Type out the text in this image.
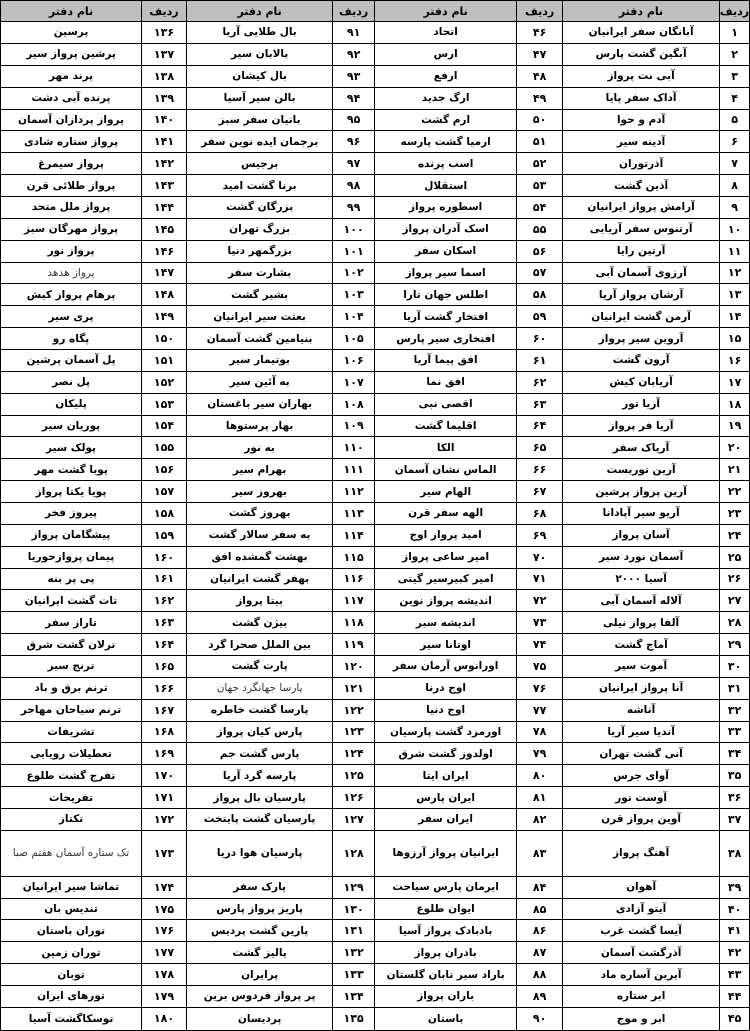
ردیف
نام دفتر
۱
آبانگان سفر ایرانیان
۲
آبگین گشت پارس
۳
آبی نت پرواز
۴
آداک سفر پایا
۵
آدم و حوا
۶
آدینه سیر
۷
آذرتوران
۸
آذین گشت
۹
آرامش پرواز ایرانیان
۱۰
آرتنوس سفر آریایی
۱۱
آرتین رایا
۱۲
آرزوی آسمان آبی
۱۳
آرشان پرواز آریا
۱۴
آرمن گشت ایرانیان
۱۵
آروین سیر پرواز
۱۶
آرون گشت
۱۷
آریابان کیش
۱۸
آریا تور
۱۹
آریا فر پرواز
۲۰
آریاک سفر
۲۱
آرین توریست
۲۲
آرین پرواز پرشین
۲۳
آریو سیر آپادانا
۲۴
آسان پرواز
۲۵
آسمان نورد سیر
۲۶
آسیا ۲۰۰۰
۲۷
آلاله آسمان آبی
۲۸
آلفا پرواز نیلی
۲۹
آماج گشت
۳۰
آموت سیر
۳۱
آنا پرواز ایرانیان
۳۲
آناشه
۳۳
آندیا سیر آریا
۳۴
آنی گشت تهران
۳۵
آوای جرس
۳۶
آوست تور
۳۷
آوین پرواز قرن
۳۸
آهنگ پرواز
۳۹
آهوان
۴۰
آیتو آزادی
۴۱
آیسا گشت غرب
۴۲
آذرگشت آسمان
۴۳
آیرین آساره ماد
۴۴
ابر ستاره
۴۵
ابر و موج
ردیف
نام دفتر
۴۶
اتحاد
۴۷
ارس
۴۸
ارفع
۴۹
ارگ جدید
۵۰
ارم گشت
۵۱
ارمیا گشت پارسه
۵۲
اسب پرنده
۵۳
استقلال
۵۴
اسطوره پرواز
۵۵
اسک آدران پرواز
۵۶
اسکان سفر
۵۷
اسما سیر پرواز
۵۸
اطلس جهان تارا
۵۹
افتخار گشت آریا
۶۰
افتخاری سیر پارس
۶۱
افق پیما آریا
۶۲
افق نما
۶۳
اقصی نبی
۶۴
اقلیما گشت
۶۵
الکا
۶۶
الماس نشان آسمان
۶۷
الهام سیر
۶۸
الهه سفر قرن
۶۹
امید پرواز اوج
۷۰
امیر ساعی پرواز
۷۱
امیر کبیرسیر گیتی
۷۲
اندیشه پرواز نوین
۷۳
اندیشه سیر
۷۴
اوتانا سیر
۷۵
اورانوس آرمان سفر
۷۶
اوج درنا
۷۷
اوج دنیا
۷۸
اورمزد گشت پارسیان
۷۹
اولدوز گشت شرق
۸۰
ایران ایتا
۸۱
ایران پارس
۸۲
ایران سفر
۸۳
ایرانیان پرواز آرزوها
۸۴
ایرمان پارس سیاحت
۸۵
ایوان طلوع
۸۶
بادبادک پرواز آسیا
۸۷
بادران پرواز
۸۸
باراد سیر تابان گلستان
۸۹
باران پرواز
۹۰
باستان
ردیف
نام دفتر
۹۱
بال طلایی آریا
۹۲
بالابان سیر
۹۳
بال کیشان
۹۴
بالن سیر آسیا
۹۵
بانیان سفر سبز
۹۶
برجمان ایده نوین سفر
۹۷
برجیس
۹۸
برنا گشت امید
۹۹
بزرگان گشت
۱۰۰
بزرگ تهران
۱۰۱
بزرگمهر دنیا
۱۰۲
بشارت سفر
۱۰۳
بشیر گشت
۱۰۴
بعثت سیر ایرانیان
۱۰۵
بنیامین گشت آسمان
۱۰۶
بوتیمار سیر
۱۰۷
به آئین سیر
۱۰۸
بهاران سیر باغستان
۱۰۹
بهار پرستوها
۱۱۰
به نور
۱۱۱
بهرام سیر
۱۱۲
بهروز سیر
۱۱۳
بهروز گشت
۱۱۴
به سفر سالار گشت
۱۱۵
بهشت گمشده افق
۱۱۶
بهفر گشت ایرانیان
۱۱۷
بیتا پرواز
۱۱۸
بیژن گشت
۱۱۹
بین الملل صحرا گرد
۱۲۰
پارت گشت
۱۲۱
پارسا جهانگرد جهان
۱۲۲
پارسا گشت خاطره
۱۲۳
پارس کیان پرواز
۱۲۴
پارس گشت جم
۱۲۵
پارسه گرد آریا
۱۲۶
پارسیان بال پرواز
۱۲۷
پارسیان گشت پایتخت
۱۲۸
پارسیان هوا دریا
۱۲۹
پارک سفر
۱۳۰
پاریز پرواز پارس
۱۳۱
پارین گشت پردیس
۱۳۲
پالیز گشت
۱۳۳
پرایران
۱۳۴
پر پرواز فردوس برین
۱۳۵
پردیسان
ردیف
نام دفتر
۱۳۶
پرسین
۱۳۷
پرشین پرواز سیر
۱۳۸
پرند مهر
۱۳۹
پرنده آبی دشت
۱۴۰
پرواز پردازان آسمان
۱۴۱
پرواز ستاره شادی
۱۴۲
پرواز سیمرغ
۱۴۳
پرواز طلائی قرن
۱۴۴
پرواز ملل متحد
۱۴۵
پرواز مهرگان سبز
۱۴۶
پرواز نور
۱۴۷
پرواز هدهد
۱۴۸
پرهام پرواز کیش
۱۴۹
پری سیر
۱۵۰
پگاه رو
۱۵۱
پل آسمان پرشین
۱۵۲
پل نصر
۱۵۳
پلیکان
۱۵۴
پوریان سیر
۱۵۵
پولک سیر
۱۵۶
پویا گشت مهر
۱۵۷
پویا یکتا پرواز
۱۵۸
پیروز فخر
۱۵۹
پیشگامان پرواز
۱۶۰
پیمان پروازحوریا
۱۶۱
پی پر بنه
۱۶۲
تات گشت ایرانیان
۱۶۳
تاراز سفر
۱۶۴
ترلان گشت شرق
۱۶۵
ترنج سیر
۱۶۶
ترنم برق و باد
۱۶۷
ترنم سیاحان مهاجر
۱۶۸
تشریفات
۱۶۹
تعطیلات رویایی
۱۷۰
تفرج گشت طلوع
۱۷۱
تفریحات
۱۷۲
تکتاز
۱۷۳
تک ستاره آسمان هفتم صبا
۱۷۴
تماشا سیر ایرانیان
۱۷۵
تندیس بان
۱۷۶
توران باستان
۱۷۷
توران زمین
۱۷۸
توبان
۱۷۹
تورهای ایران
۱۸۰
توسکاگشت آسیا
